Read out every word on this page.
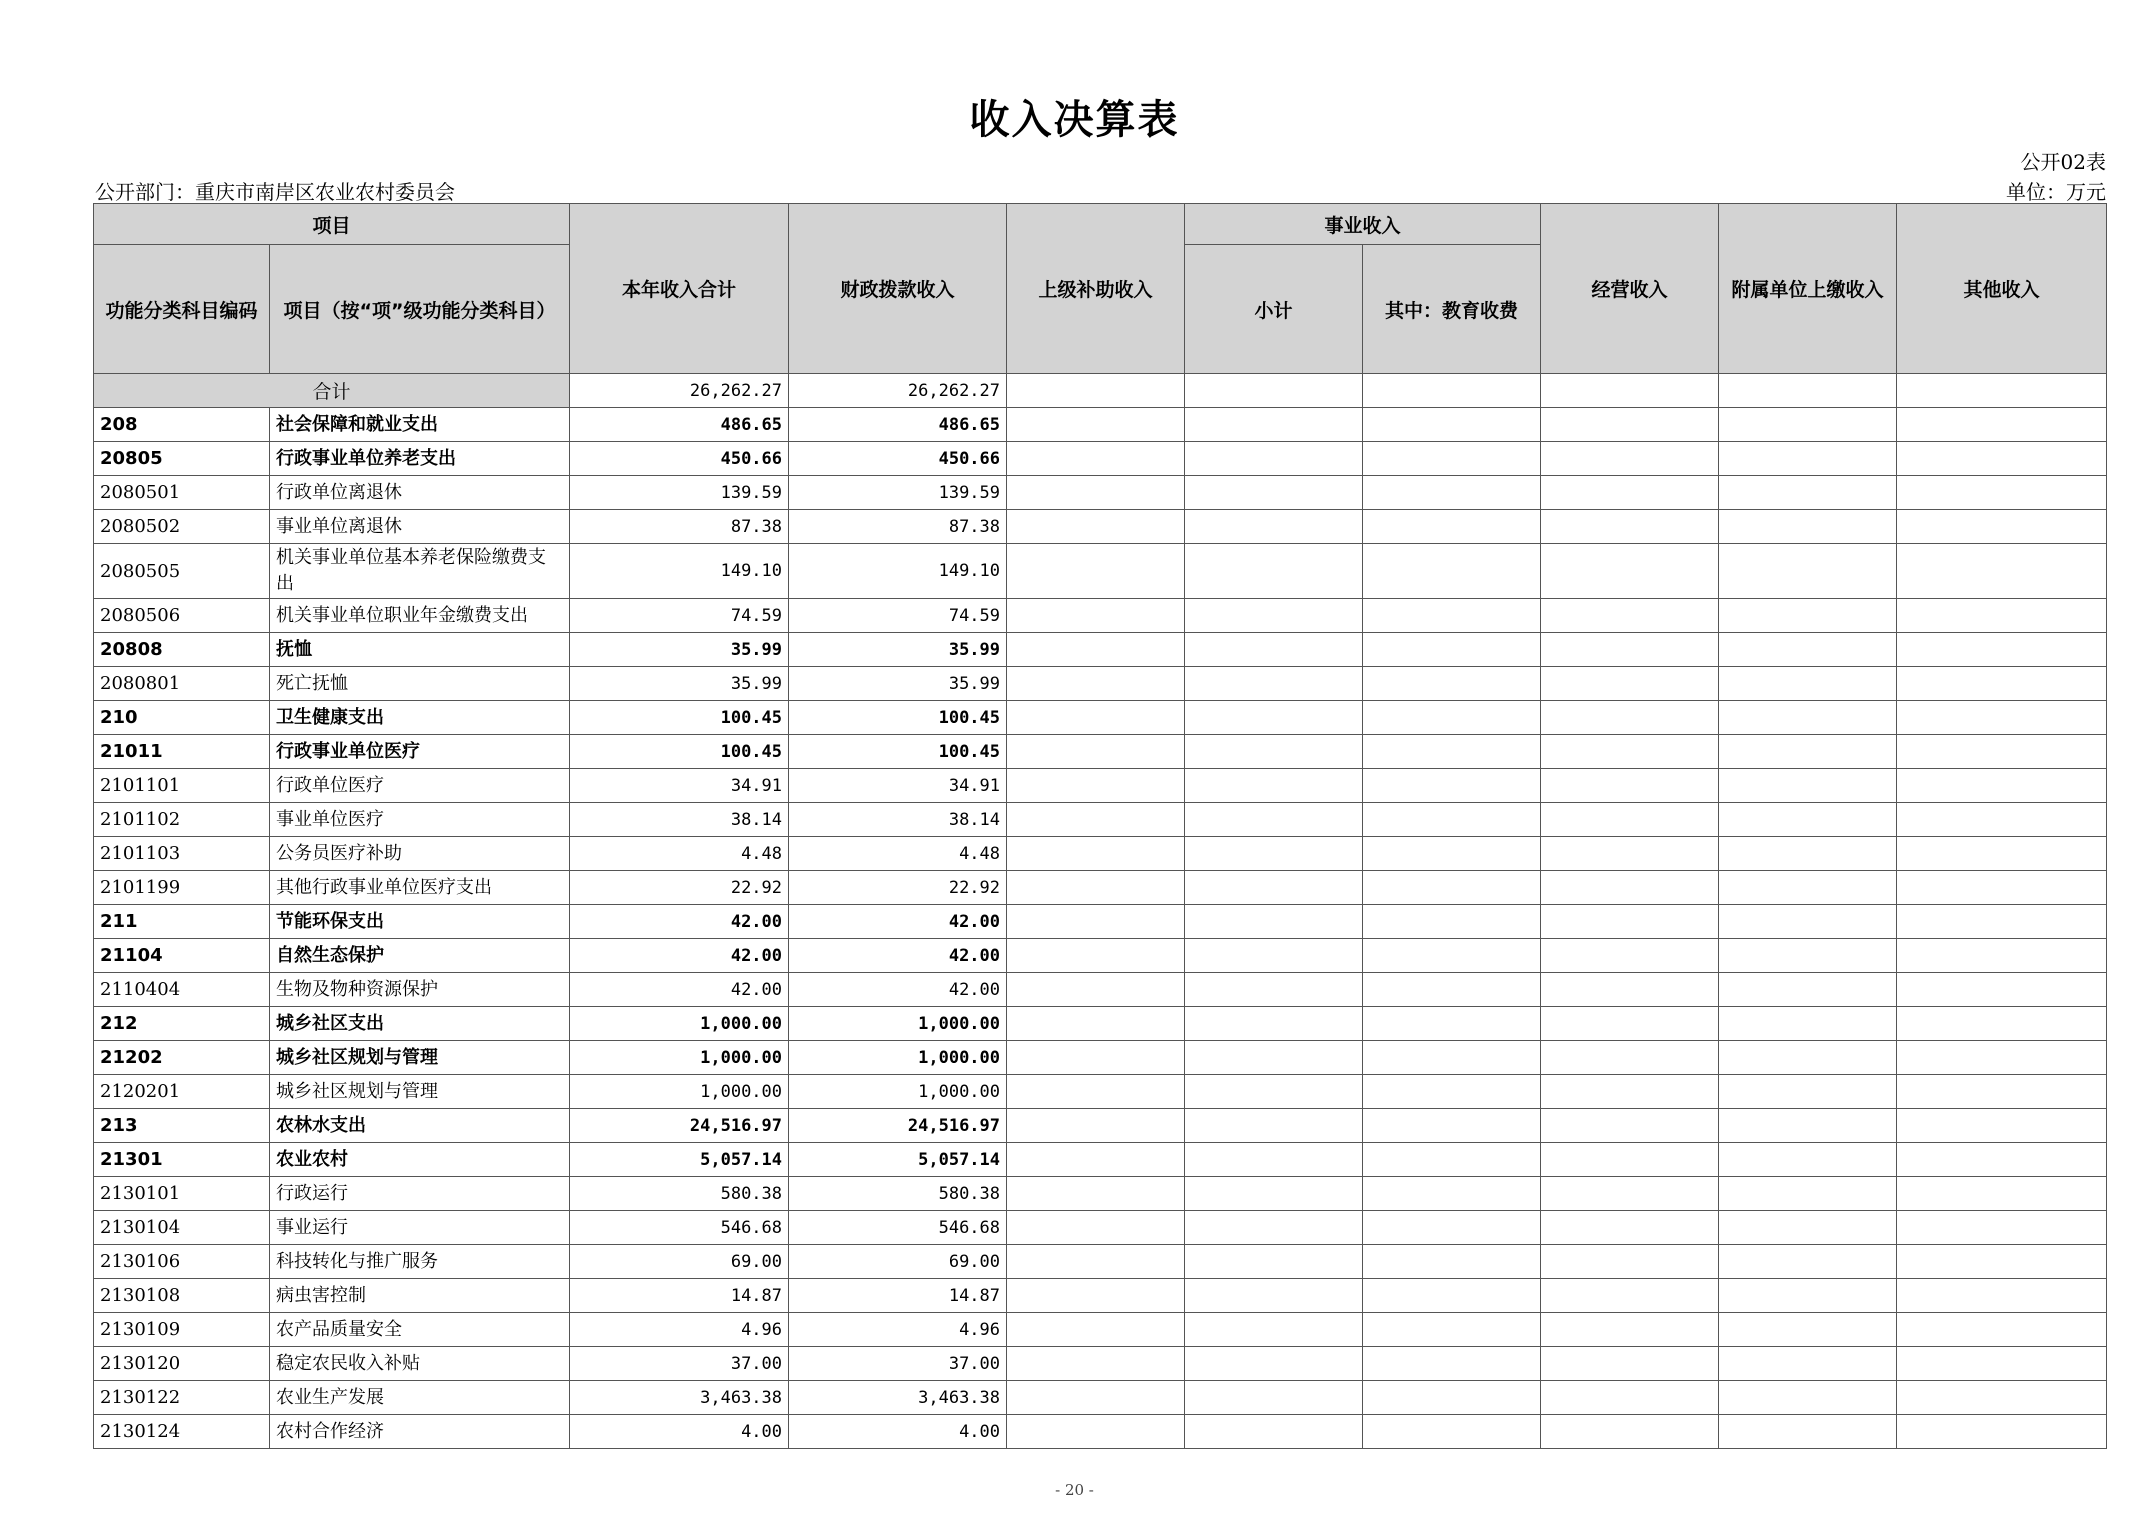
收入决算表
公开02表
公开部门：重庆市南岸区农业农村委员会	单位：万元
项目		本年收入合计	财政拨款收入	上级补助收入	事业收入		经营收入	附属单位上缴收入	其他收入
功能分类科目编码	项目（按“项”级功能分类科目）				小计	其中：教育收费			
合计		26,262.27	26,262.27						
208	社会保障和就业支出	486.65	486.65						
20805	行政事业单位养老支出	450.66	450.66						
2080501	行政单位离退休	139.59	139.59						
2080502	事业单位离退休	87.38	87.38						
2080505	机关事业单位基本养老保险缴费支出	149.10	149.10						
2080506	机关事业单位职业年金缴费支出	74.59	74.59						
20808	抚恤	35.99	35.99						
2080801	死亡抚恤	35.99	35.99						
210	卫生健康支出	100.45	100.45						
21011	行政事业单位医疗	100.45	100.45						
2101101	行政单位医疗	34.91	34.91						
2101102	事业单位医疗	38.14	38.14						
2101103	公务员医疗补助	4.48	4.48						
2101199	其他行政事业单位医疗支出	22.92	22.92						
211	节能环保支出	42.00	42.00						
21104	自然生态保护	42.00	42.00						
2110404	生物及物种资源保护	42.00	42.00						
212	城乡社区支出	1,000.00	1,000.00						
21202	城乡社区规划与管理	1,000.00	1,000.00						
2120201	城乡社区规划与管理	1,000.00	1,000.00						
213	农林水支出	24,516.97	24,516.97						
21301	农业农村	5,057.14	5,057.14						
2130101	行政运行	580.38	580.38						
2130104	事业运行	546.68	546.68						
2130106	科技转化与推广服务	69.00	69.00						
2130108	病虫害控制	14.87	14.87						
2130109	农产品质量安全	4.96	4.96						
2130120	稳定农民收入补贴	37.00	37.00						
2130122	农业生产发展	3,463.38	3,463.38						
2130124	农村合作经济	4.00	4.00						
- 20 -
